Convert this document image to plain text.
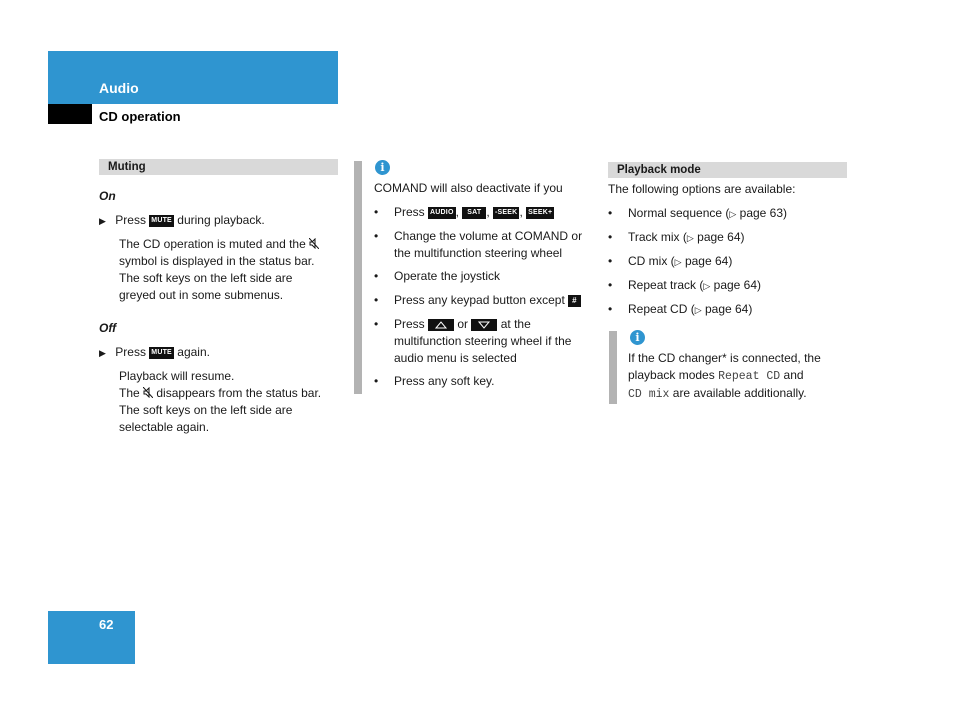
Audio
CD operation
Muting
On
▶ Press MUTE during playback.
The CD operation is muted and the
symbol is displayed in the status bar.
The soft keys on the left side are
greyed out in some submenus.
Off
▶ Press MUTE again.
Playback will resume.
The disappears from the status bar.
The soft keys on the left side are
selectable again.
i
COMAND will also deactivate if you
• Press AUDIO , SAT , -SEEK , SEEK+
• Change the volume at COMAND or
the multifunction steering wheel
• Operate the joystick
• Press any keypad button except #
• Press	or	at the
multifunction steering wheel if the
audio menu is selected
• Press any soft key.
Playback mode
The following options are available:
• Normal sequence (▷ page 63)
• Track mix (▷ page 64)
• CD mix (▷ page 64)
• Repeat track (▷ page 64)
• Repeat CD (▷ page 64)
i
If the CD changer* is connected, the
playback modes Repeat CD and
CD mix are available additionally.
62
